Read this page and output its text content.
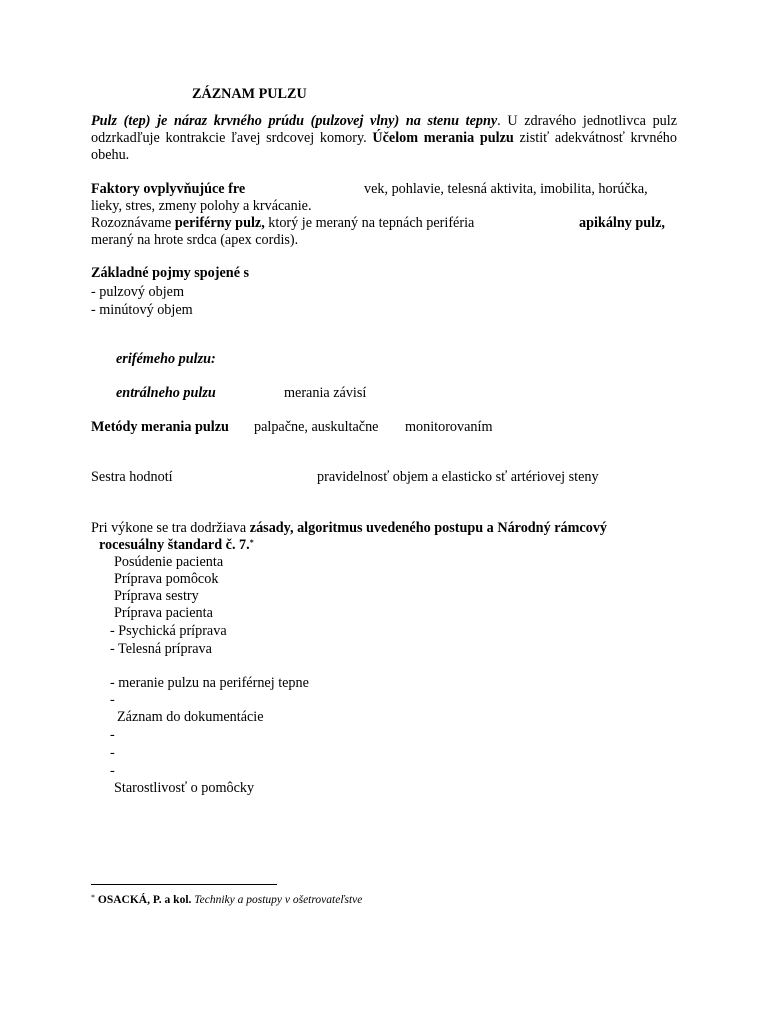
ZÁZNAM PULZU
Pulz (tep) je náraz krvného prúdu (pulzovej vlny) na stenu tepny. U zdravého jednotlivca pulz odzrkadľuje kontrakcie ľavej srdcovej komory. Účelom merania pulzu zistiť adekvátnosť krvného obehu.
Faktory ovplyvňujúce fre	vek, pohlavie, telesná aktivita, imobilita, horúčka,
lieky, stres, zmeny polohy a krvácanie.
Rozoznávame periférny pulz, ktorý je meraný na tepnách periféria	apikálny pulz,
meraný na hrote srdca (apex cordis).
Základné pojmy spojené s
- pulzový objem
- minútový objem
erifémeho pulzu:
entrálneho pulzu	merania závisí
Metódy merania pulzu palpačne, auskultačne monitorovaním
Sestra hodnotí	pravidelnosť objem a elasticko sť artériovej steny
Pri výkone se tra dodržiava zásady, algoritmus uvedeného postupu a Národný rámcový
rocesuálny štandard č. 7.*
Posúdenie pacienta
Príprava pomôcok
Príprava sestry
Príprava pacienta
- Psychická príprava
- Telesná príprava
- meranie pulzu na periférnej tepne
-
Záznam do dokumentácie
-
-
-
Starostlivosť o pomôcky
* OSACKÁ, P. a kol. Techniky a postupy v ošetrovateľstve
